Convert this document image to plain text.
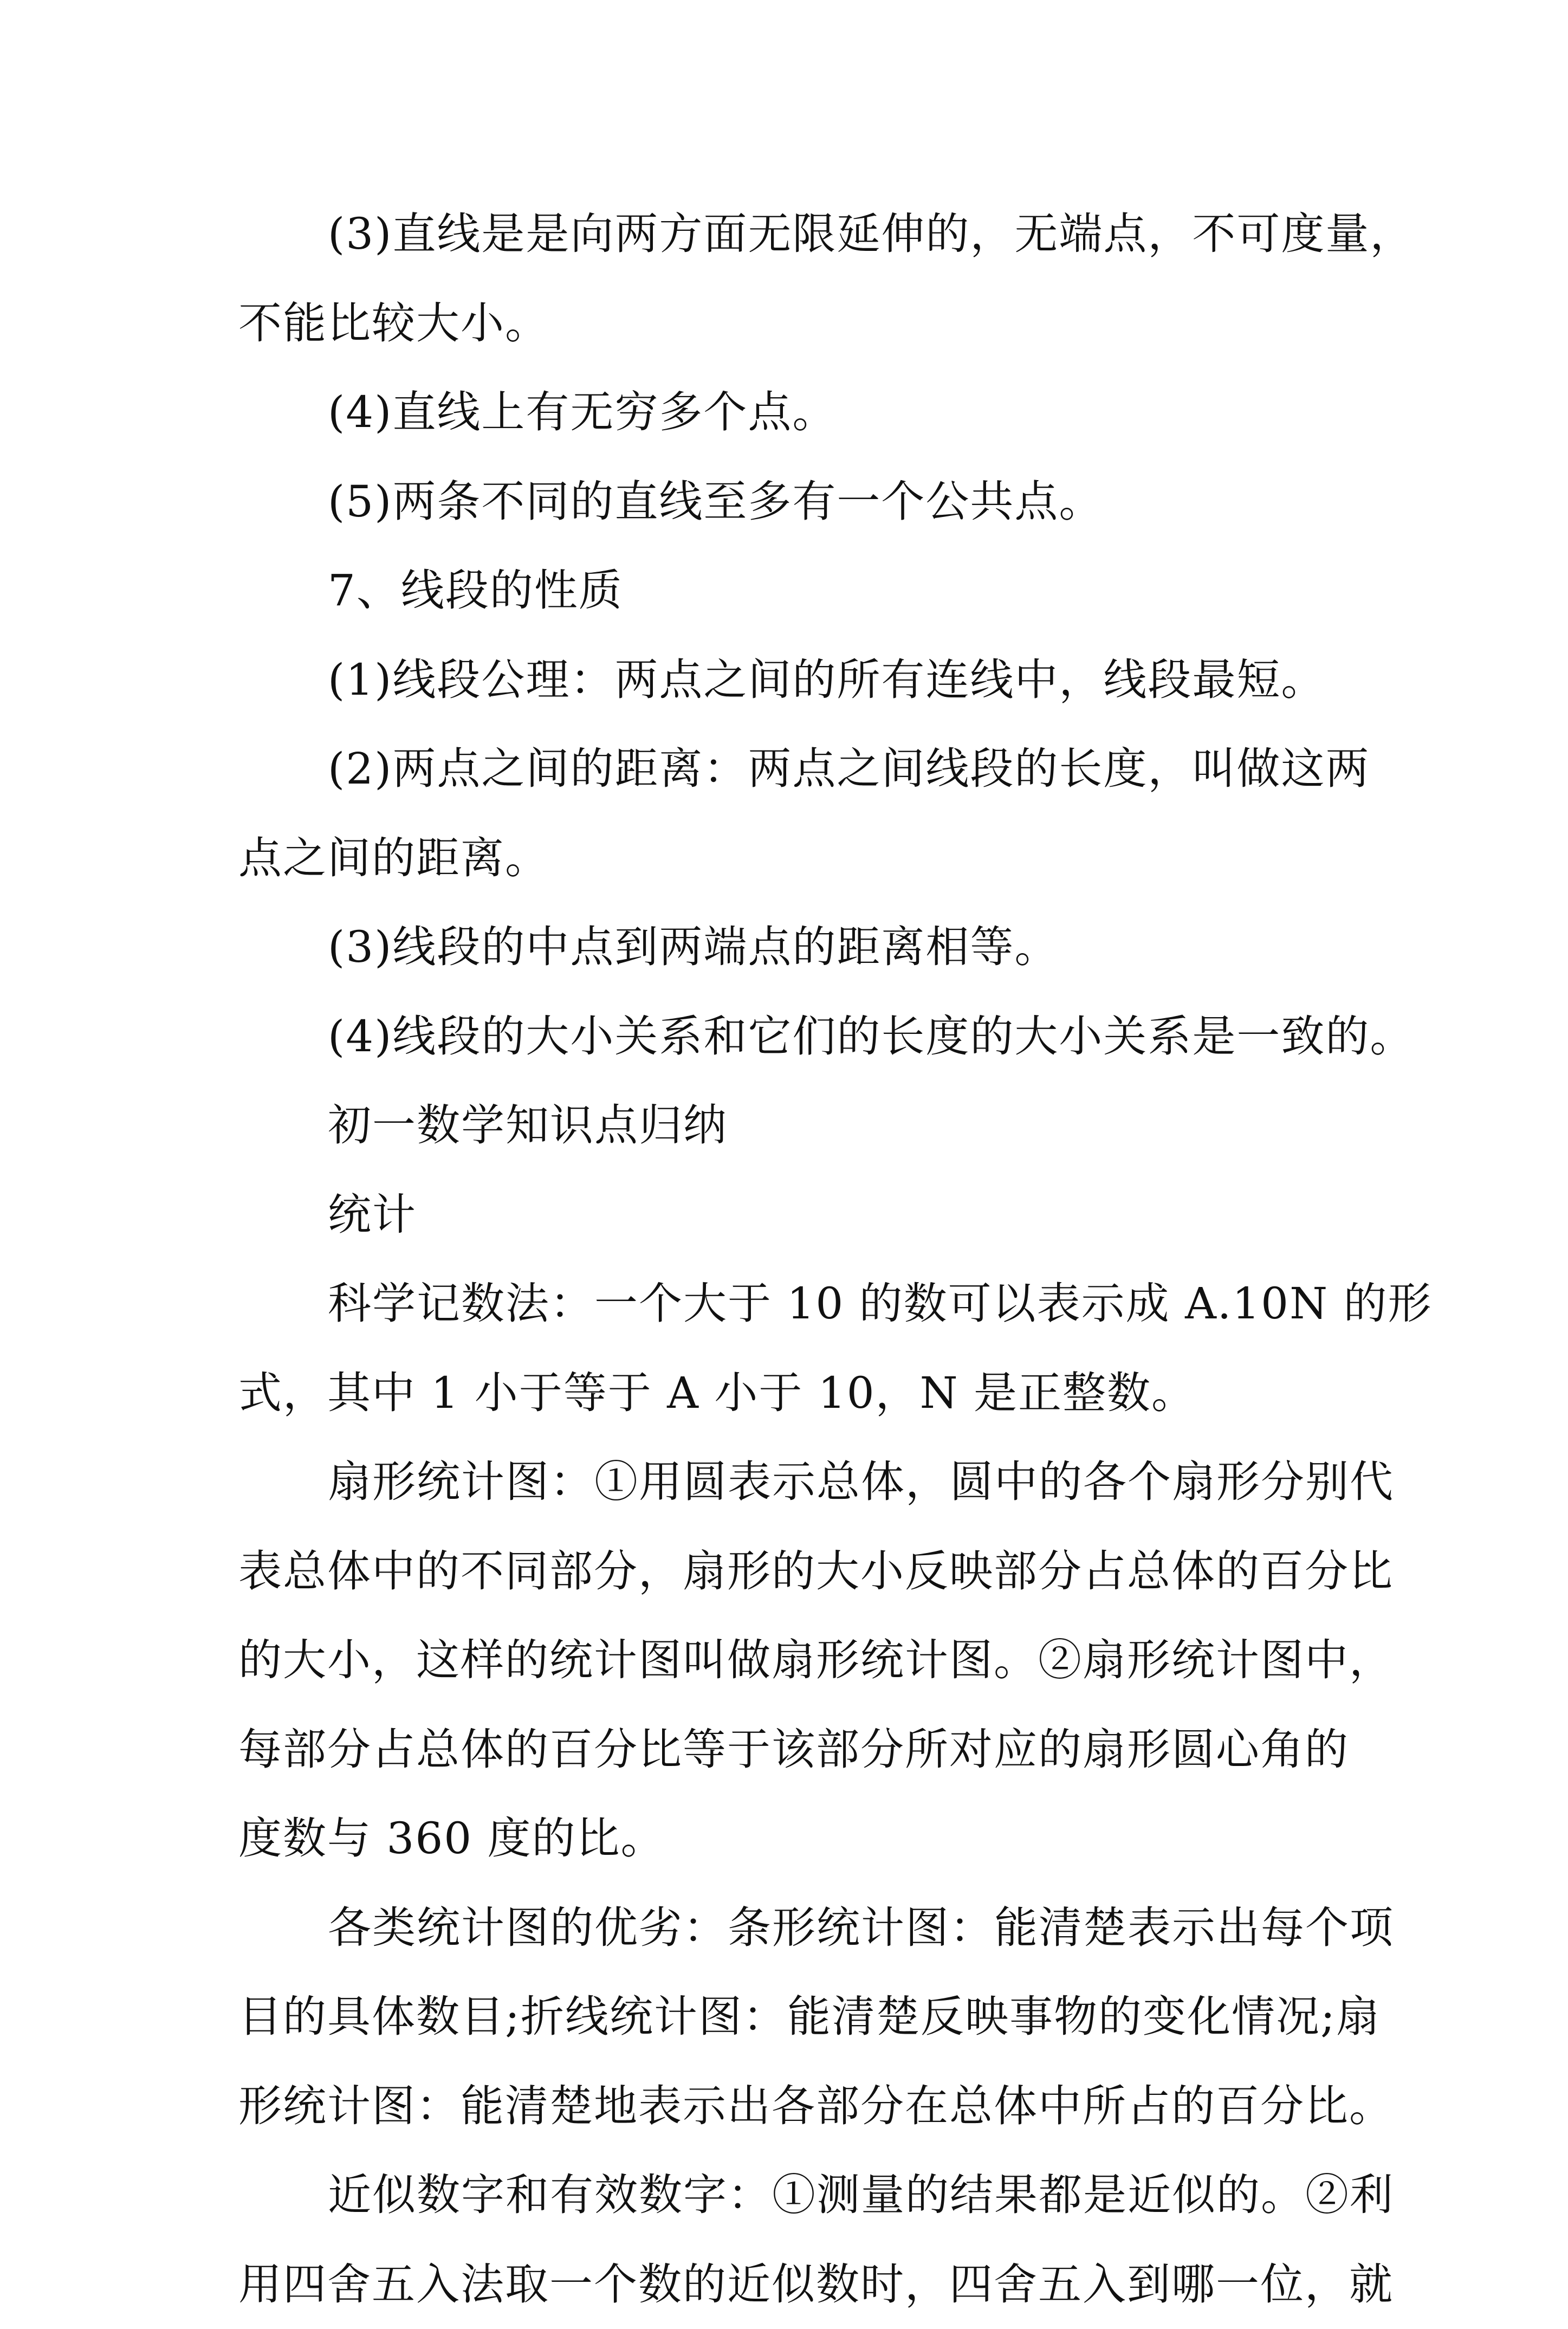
(3)直线是是向两方面无限延伸的，无端点，不可度量，
不能比较大小。
(4)直线上有无穷多个点。
(5)两条不同的直线至多有一个公共点。
7、线段的性质
(1)线段公理：两点之间的所有连线中，线段最短。
(2)两点之间的距离：两点之间线段的长度，叫做这两
点之间的距离。
(3)线段的中点到两端点的距离相等。
(4)线段的大小关系和它们的长度的大小关系是一致的。
初一数学知识点归纳
统计
科学记数法：一个大于 10 的数可以表示成 A.10N 的形
式，其中 1 小于等于 A 小于 10，N 是正整数。
扇形统计图：①用圆表示总体，圆中的各个扇形分别代
表总体中的不同部分，扇形的大小反映部分占总体的百分比
的大小，这样的统计图叫做扇形统计图。②扇形统计图中，
每部分占总体的百分比等于该部分所对应的扇形圆心角的
度数与 360 度的比。
各类统计图的优劣：条形统计图：能清楚表示出每个项
目的具体数目;折线统计图：能清楚反映事物的变化情况;扇
形统计图：能清楚地表示出各部分在总体中所占的百分比。
近似数字和有效数字：①测量的结果都是近似的。②利
用四舍五入法取一个数的近似数时，四舍五入到哪一位，就
